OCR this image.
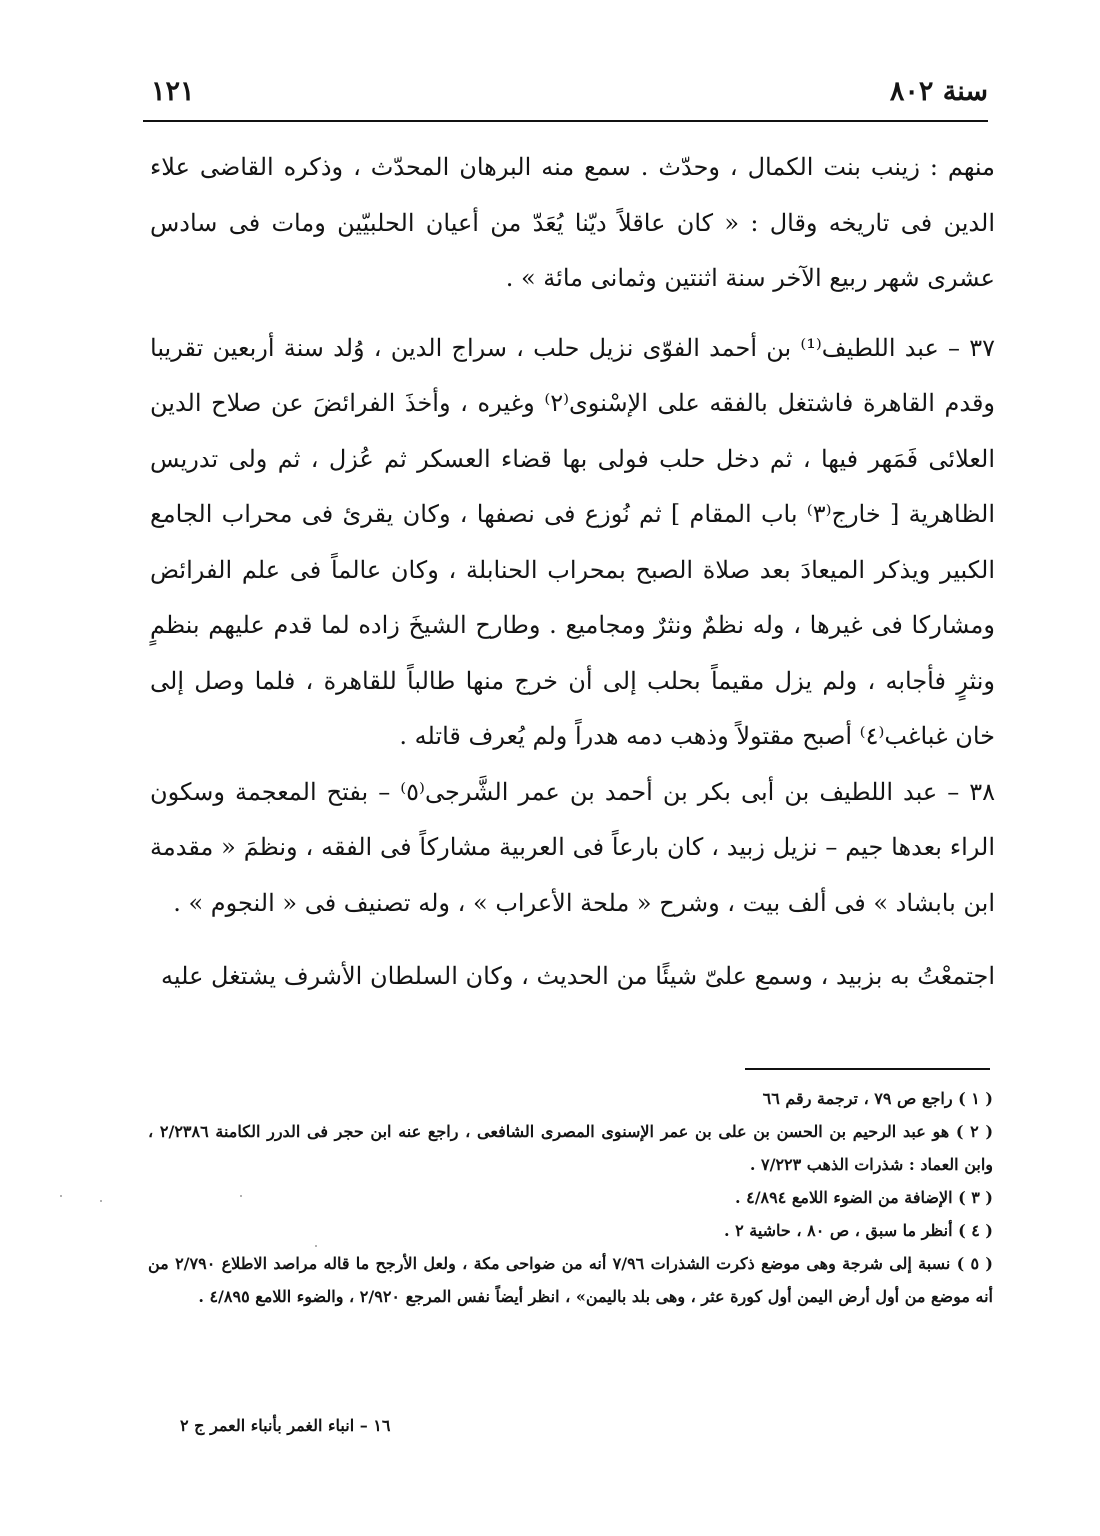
سنة ٨٠٢
١٢١

منهم : زينب بنت الكمال ، وحدّث . سمع منه البرهان المحدّث ، وذكره القاضى علاء الدين فى تاريخه وقال : « كان عاقلاً ديّنا يُعَدّ من أعيان الحلبيّين ومات فى سادس عشرى شهر ربيع الآخر سنة اثنتين وثمانى مائة » .

٣٧ – عبد اللطيف⁽¹⁾ بن أحمد الفوّى نزيل حلب ، سراج الدين ، وُلد سنة أربعين تقريبا وقدم القاهرة فاشتغل بالفقه على الإسْنوى⁽٢⁾ وغيره ، وأخذَ الفرائضَ عن صلاح الدين العلائى فَمَهر فيها ، ثم دخل حلب فولى بها قضاء العسكر ثم عُزل ، ثم ولى تدريس الظاهرية [ خارج⁽٣⁾ باب المقام ] ثم نُوزع فى نصفها ، وكان يقرئ فى محراب الجامع الكبير ويذكر الميعادَ بعد صلاة الصبح بمحراب الحنابلة ، وكان عالماً فى علم الفرائض ومشاركا فى غيرها ، وله نظمٌ ونثرٌ ومجاميع . وطارح الشيخَ زاده لما قدم عليهم بنظمٍ ونثرٍ فأجابه ، ولم يزل مقيماً بحلب إلى أن خرج منها طالباً للقاهرة ، فلما وصل إلى خان غباغب⁽٤⁾ أصبح مقتولاً وذهب دمه هدراً ولم يُعرف قاتله .

٣٨ – عبد اللطيف بن أبى بكر بن أحمد بن عمر الشَّرجى⁽٥⁾ – بفتح المعجمة وسكون الراء بعدها جيم – نزيل زبيد ، كان بارعاً فى العربية مشاركاً فى الفقه ، ونظمَ « مقدمة ابن بابشاد » فى ألف بيت ، وشرح « ملحة الأعراب » ، وله تصنيف فى « النجوم » .

اجتمعْتُ به بزبيد ، وسمع علىّ شيئًا من الحديث ، وكان السلطان الأشرف يشتغل عليه

( ١ ) راجع ص ٧٩ ، ترجمة رقم ٦٦

( ٢ ) هو عبد الرحيم بن الحسن بن على بن عمر الإسنوى المصرى الشافعى ، راجع عنه ابن حجر فى الدرر الكامنة ٢/٢٣٨٦ ، وابن العماد : شذرات الذهب ٧/٢٢٣ .

( ٣ ) الإضافة من الضوء اللامع ٤/٨٩٤ .

( ٤ ) أنظر ما سبق ، ص ٨٠ ، حاشية ٢ .

( ٥ ) نسبة إلى شرجة وهى موضع ذكرت الشذرات ٧/٩٦ أنه من ضواحى مكة ، ولعل الأرجح ما قاله مراصد الاطلاع ٢/٧٩٠ من أنه موضع من أول أرض اليمن أول كورة عثر ، وهى بلد باليمن» ، انظر أيضاً نفس المرجع ٢/٩٢٠ ، والضوء اللامع ٤/٨٩٥ .

١٦ – انباء الغمر بأنباء العمر ج ٢
